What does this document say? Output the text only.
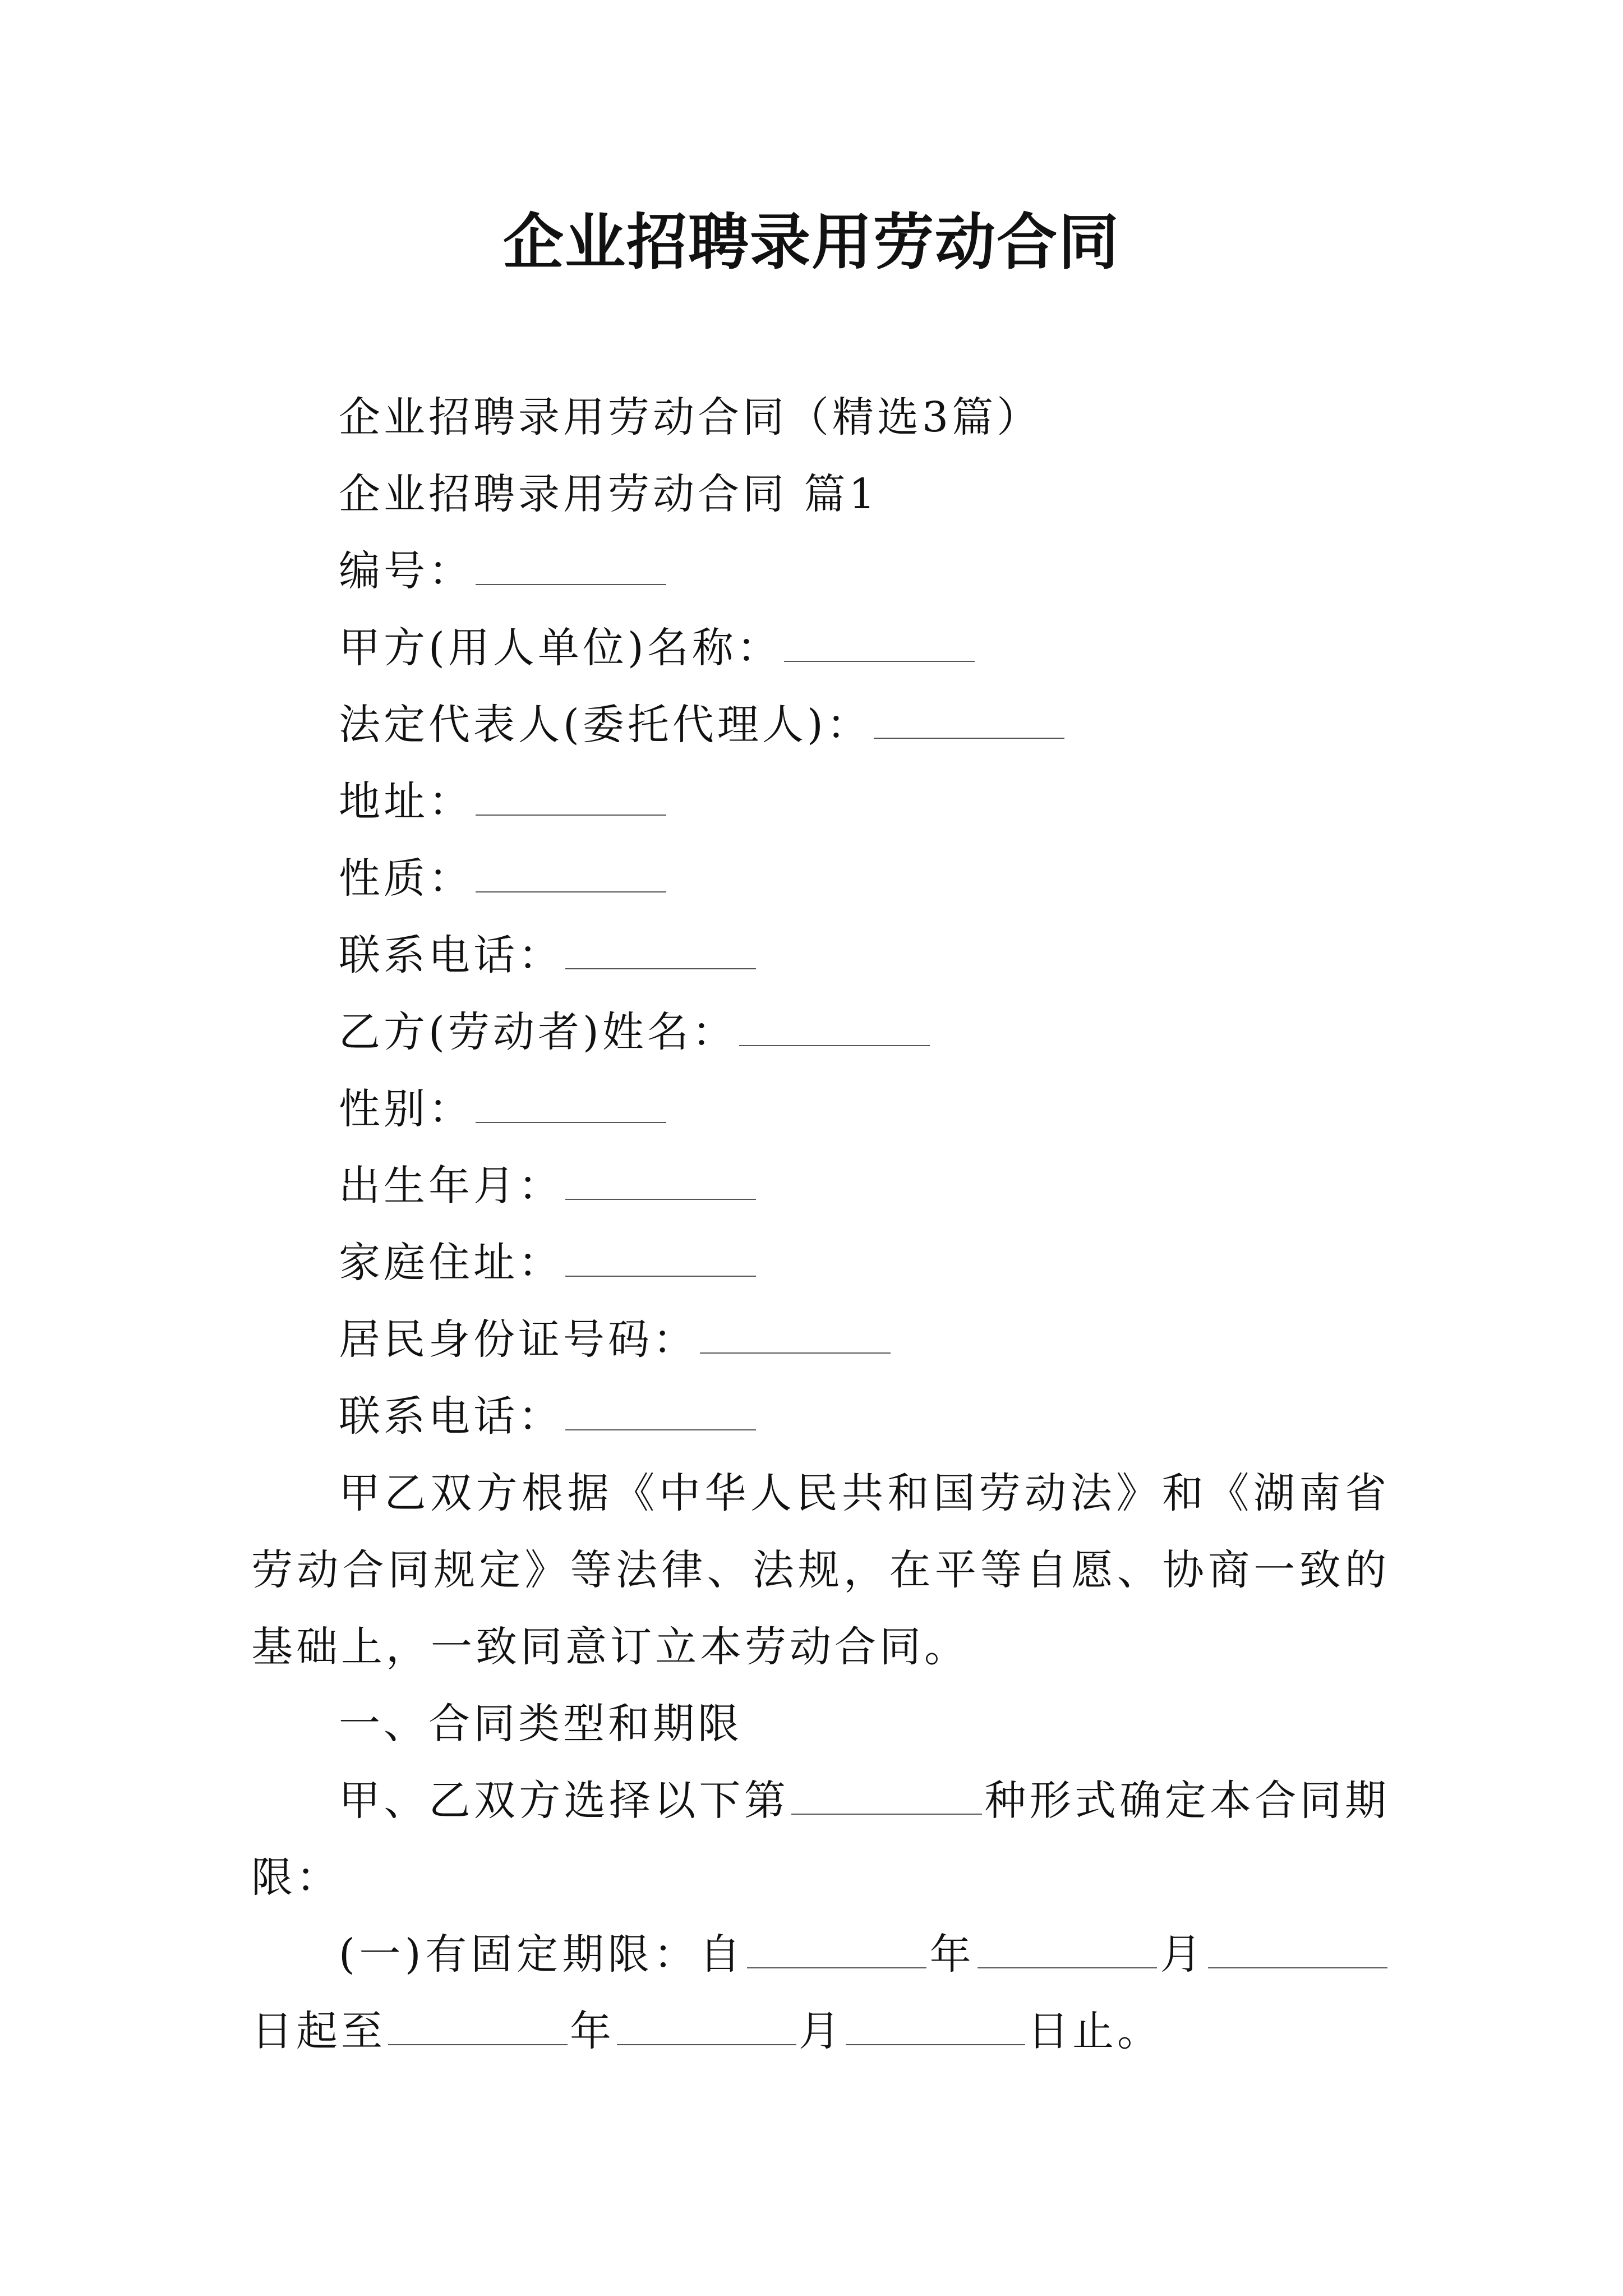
企业招聘录用劳动合同
企业招聘录用劳动合同（精选3篇）
企业招聘录用劳动合同 篇1
编号：
甲方(用人单位)名称：
法定代表人(委托代理人)：
地址：
性质：
联系电话：
乙方(劳动者)姓名：
性别：
出生年月：
家庭住址：
居民身份证号码：
联系电话：
甲乙双方根据《中华人民共和国劳动法》和《湖南省劳动合同规定》等法律、法规，在平等自愿、协商一致的基础上，一致同意订立本劳动合同。
一、合同类型和期限
甲、乙双方选择以下第	种形式确定本合同期限：
(一)有固定期限：自	年	月日起至	年	月	日止。
